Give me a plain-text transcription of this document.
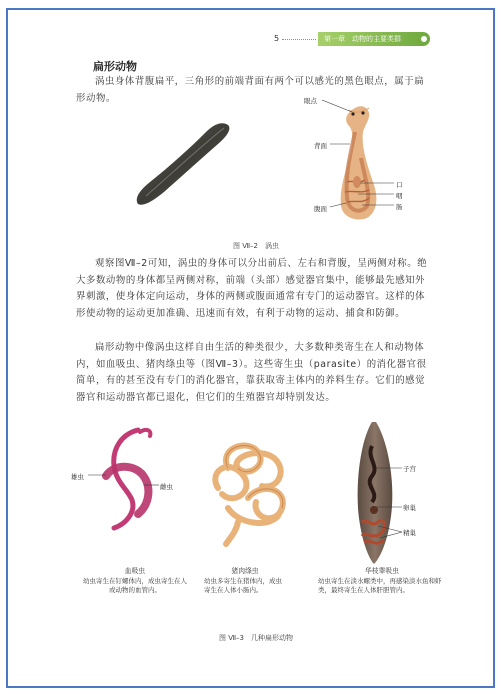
5	第一章　动物的主要类群
扁形动物

涡虫身体背腹扁平，三角形的前端背面有两个可以感光的黑色眼点，属于扁形动物。	眼点
背面
口
咽
肠
腹面
图 Ⅶ–2　涡虫

观察图Ⅶ–2可知，涡虫的身体可以分出前后、左右和背腹，呈两侧对称。绝大多数动物的身体都呈两侧对称，前端（头部）感觉器官集中，能够最先感知外界刺激，使身体定向运动，身体的两侧或腹面通常有专门的运动器官。这样的体形使动物的运动更加准确、迅速而有效，有利于动物的运动、捕食和防御。

扁形动物中像涡虫这样自由生活的种类很少，大多数种类寄生在人和动物体内，如血吸虫、猪肉绦虫等（图Ⅶ–3）。这些寄生虫（parasite）的消化器官很简单，有的甚至没有专门的消化器官，靠获取寄主体内的养料生存。它们的感觉器官和运动器官都已退化，但它们的生殖器官却特别发达。

雄虫
雌虫
血吸虫
幼虫寄生在钉螺体内，成虫寄生在人或动物的血管内。
猪肉绦虫
幼虫多寄生在猪体内，成虫寄生在人体小肠内。
子宫
卵巢
精巢
华枝睾吸虫
幼虫寄生在淡水螺类中，再感染淡水鱼和虾类，最终寄生在人体肝胆管内。
图 Ⅶ–3　几种扁形动物
